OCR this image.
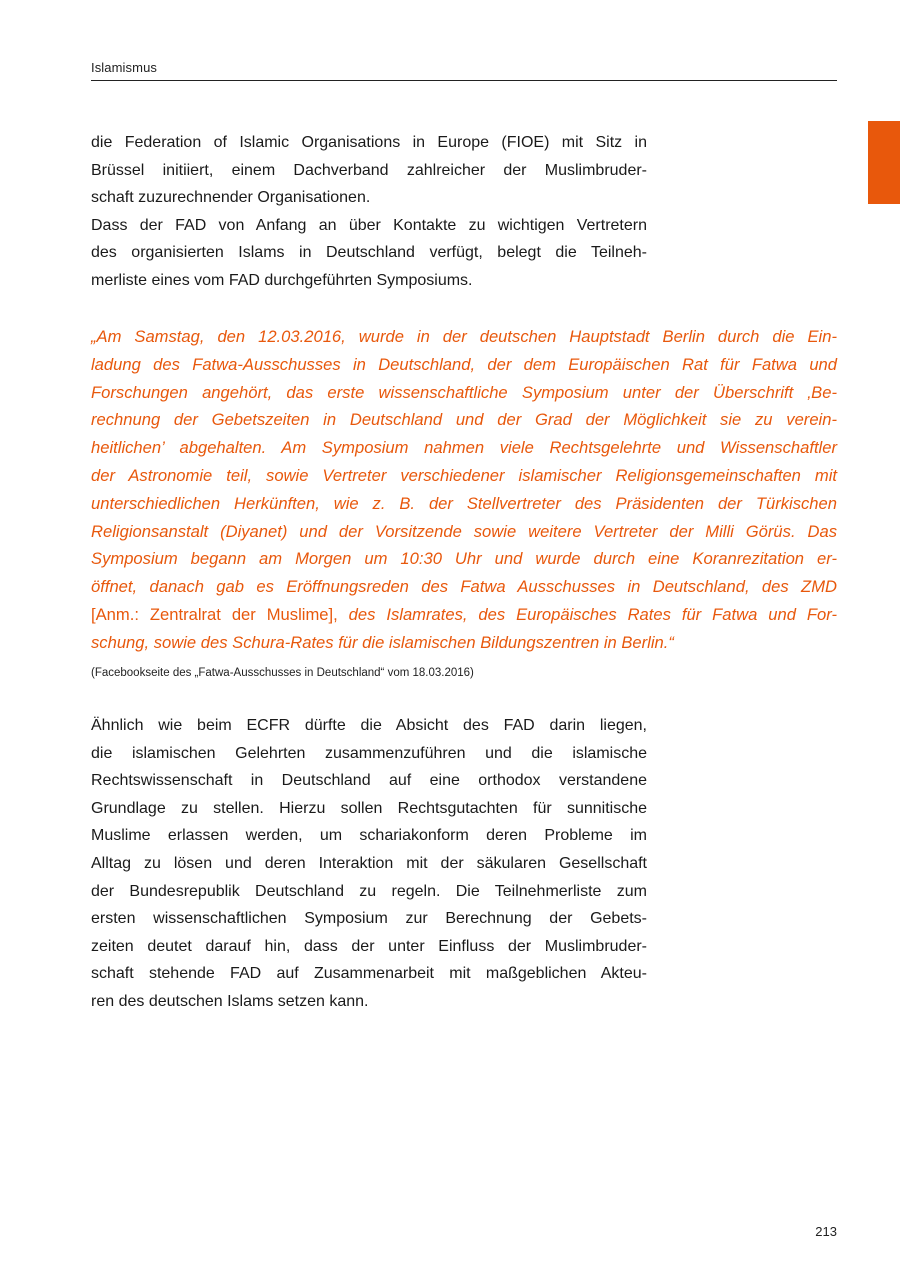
Islamismus
die Federation of Islamic Organisations in Europe (FIOE) mit Sitz in
Brüssel initiiert, einem Dachverband zahlreicher der Muslimbruder-
schaft zuzurechnender Organisationen.
Dass der FAD von Anfang an über Kontakte zu wichtigen Vertretern
des organisierten Islams in Deutschland verfügt, belegt die Teilneh-
merliste eines vom FAD durchgeführten Symposiums.
„Am Samstag, den 12.03.2016, wurde in der deutschen Hauptstadt Berlin durch die Ein-
ladung des Fatwa-Ausschusses in Deutschland, der dem Europäischen Rat für Fatwa und
Forschungen angehört, das erste wissenschaftliche Symposium unter der Überschrift ‚Be-
rechnung der Gebetszeiten in Deutschland und der Grad der Möglichkeit sie zu verein-
heitlichen’ abgehalten. Am Symposium nahmen viele Rechtsgelehrte und Wissenschaftler
der Astronomie teil, sowie Vertreter verschiedener islamischer Religionsgemeinschaften mit
unterschiedlichen Herkünften, wie z. B. der Stellvertreter des Präsidenten der Türkischen
Religionsanstalt (Diyanet) und der Vorsitzende sowie weitere Vertreter der Milli Görüs. Das
Symposium begann am Morgen um 10:30 Uhr und wurde durch eine Koranrezitation er-
öffnet, danach gab es Eröffnungsreden des Fatwa Ausschusses in Deutschland, des ZMD
[Anm.: Zentralrat der Muslime], des Islamrates, des Europäisches Rates für Fatwa und For-
schung, sowie des Schura-Rates für die islamischen Bildungszentren in Berlin.“
(Facebookseite des „Fatwa-Ausschusses in Deutschland“ vom 18.03.2016)
Ähnlich wie beim ECFR dürfte die Absicht des FAD darin liegen,
die islamischen Gelehrten zusammenzuführen und die islamische
Rechtswissenschaft in Deutschland auf eine orthodox verstandene
Grundlage zu stellen. Hierzu sollen Rechtsgutachten für sunnitische
Muslime erlassen werden, um schariakonform deren Probleme im
Alltag zu lösen und deren Interaktion mit der säkularen Gesellschaft
der Bundesrepublik Deutschland zu regeln. Die Teilnehmerliste zum
ersten wissenschaftlichen Symposium zur Berechnung der Gebets-
zeiten deutet darauf hin, dass der unter Einfluss der Muslimbruder-
schaft stehende FAD auf Zusammenarbeit mit maßgeblichen Akteu-
ren des deutschen Islams setzen kann.
213
